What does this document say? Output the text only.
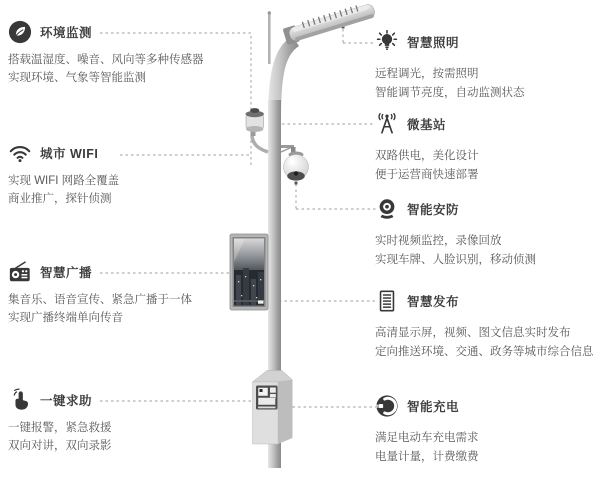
环境监测

搭载温湿度、噪音、风向等多种传感器

实现环境、气象等智能监测

城市 WIFI

实现 WIFI 网路全覆盖

商业推广，探针侦测

智慧广播

集音乐、语音宣传、紧急广播于一体

实现广播终端单向传音

一键求助

一键报警，紧急救援

双向对讲，双向录影

智慧照明

远程调光，按需照明

智能调节亮度，自动监测状态

微基站

双路供电，美化设计

便于运营商快速部署

智能安防

实时视频监控，录像回放

实现车牌、人脸识别，移动侦测

智慧发布

高清显示屏，视频、图文信息实时发布

定向推送环境、交通、政务等城市综合信息

智能充电

满足电动车充电需求

电量计量，计费缴费
